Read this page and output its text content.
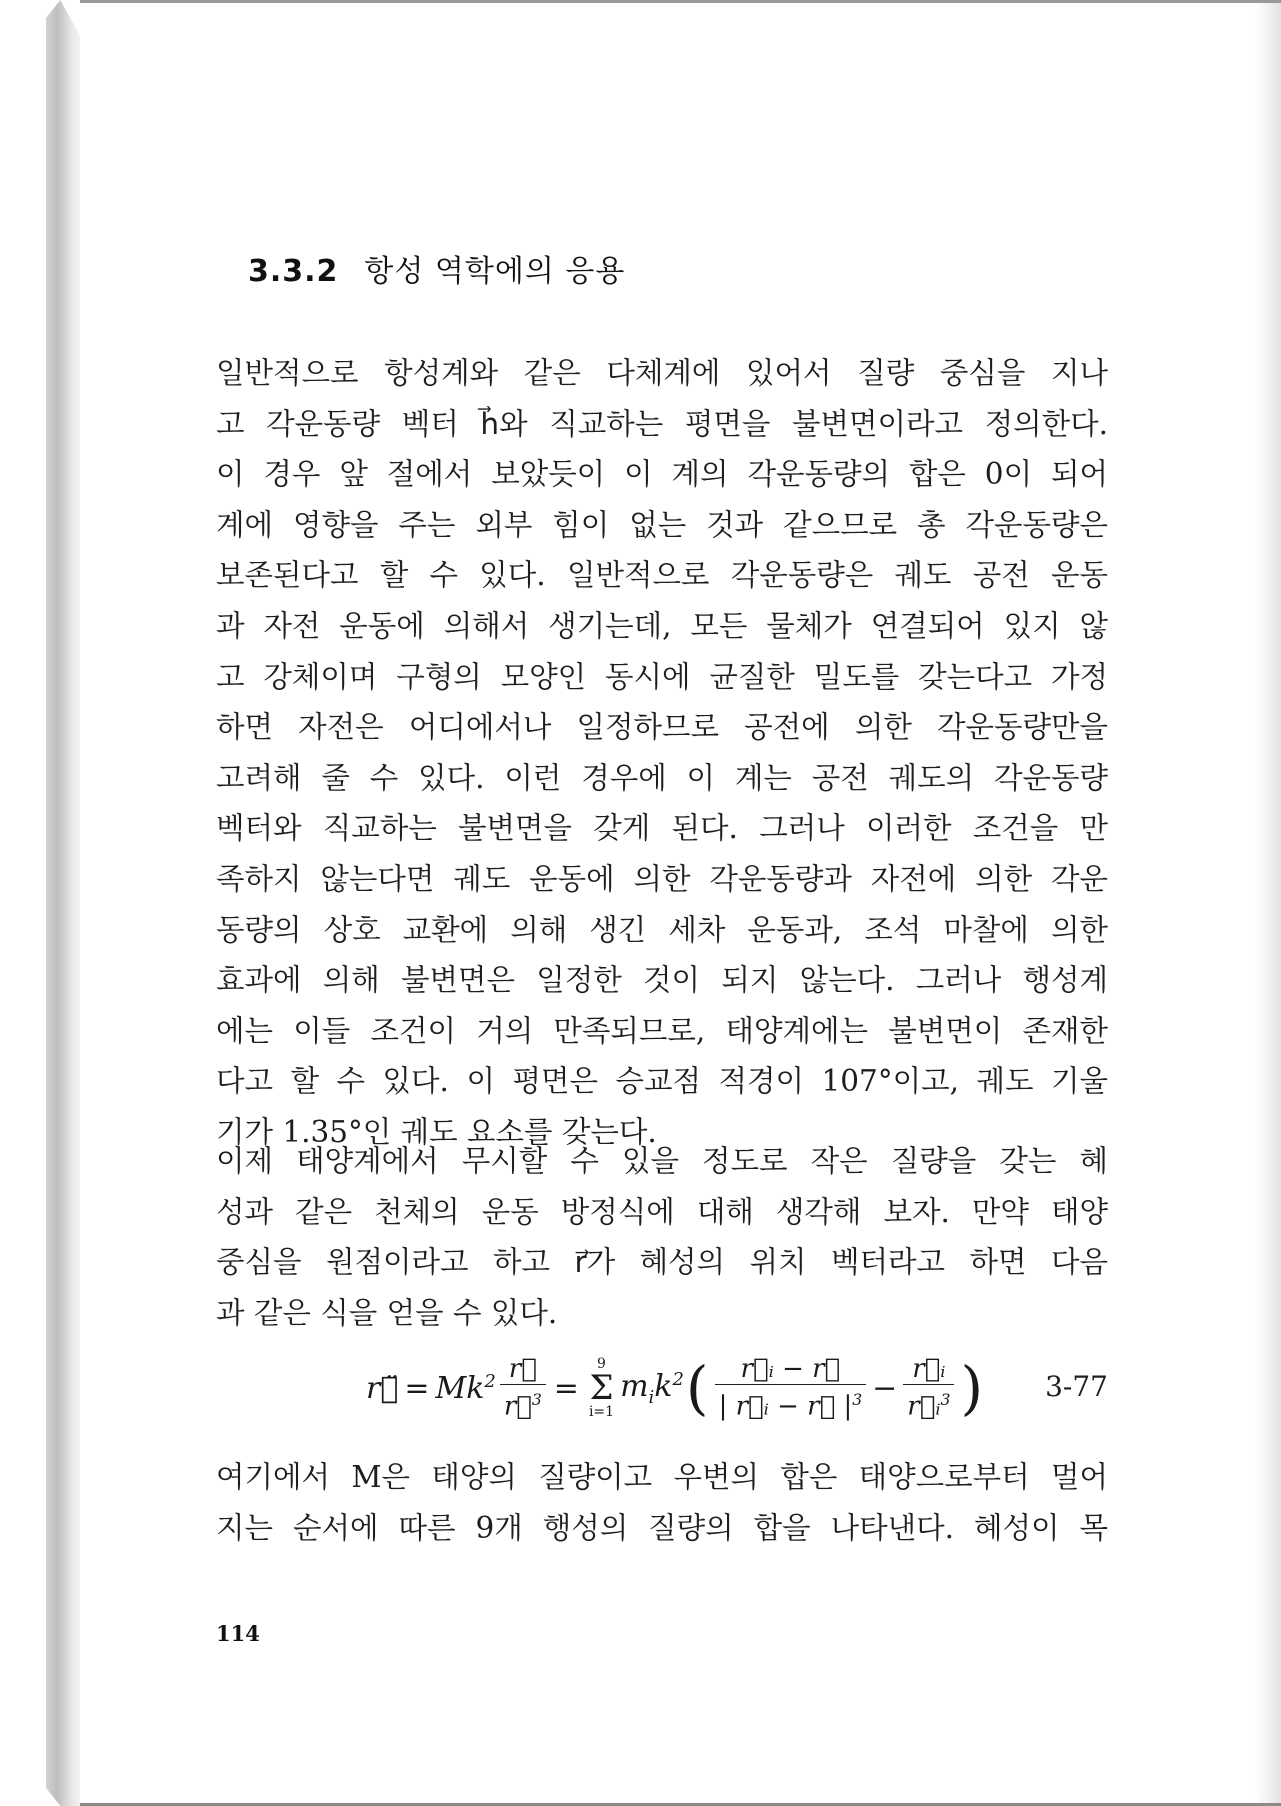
3.3.2 항성 역학에의 응용
일반적으로 항성계와 같은 다체계에 있어서 질량 중심을 지나
고 각운동량 벡터 h⃗와 직교하는 평면을 불변면이라고 정의한다.
이 경우 앞 절에서 보았듯이 이 계의 각운동량의 합은 0이 되어
계에 영향을 주는 외부 힘이 없는 것과 같으므로 총 각운동량은
보존된다고 할 수 있다. 일반적으로 각운동량은 궤도 공전 운동
과 자전 운동에 의해서 생기는데, 모든 물체가 연결되어 있지 않
고 강체이며 구형의 모양인 동시에 균질한 밀도를 갖는다고 가정
하면 자전은 어디에서나 일정하므로 공전에 의한 각운동량만을
고려해 줄 수 있다. 이런 경우에 이 계는 공전 궤도의 각운동량
벡터와 직교하는 불변면을 갖게 된다. 그러나 이러한 조건을 만
족하지 않는다면 궤도 운동에 의한 각운동량과 자전에 의한 각운
동량의 상호 교환에 의해 생긴 세차 운동과, 조석 마찰에 의한
효과에 의해 불변면은 일정한 것이 되지 않는다. 그러나 행성계
에는 이들 조건이 거의 만족되므로, 태양계에는 불변면이 존재한
다고 할 수 있다. 이 평면은 승교점 적경이 107°이고, 궤도 기울
기가 1.35°인 궤도 요소를 갖는다.
이제 태양계에서 무시할 수 있을 정도로 작은 질량을 갖는 혜
성과 같은 천체의 운동 방정식에 대해 생각해 보자. 만약 태양
중심을 원점이라고 하고 r⃗가 혜성의 위치 벡터라고 하면 다음
과 같은 식을 얻을 수 있다.
r⃗̈ = $Mk^2 \frac{r⃗}{r⃗^3}$ =
9
Σ
i=1
$m_ik^2$ ( $\frac{\text{r⃗ᵢ − r⃗}}{| r⃗ᵢ - r⃗ |^3} - \frac{\text{r⃗ᵢ}}{r⃗ᵢ^3}$ ) 3-77
여기에서 M은 태양의 질량이고 우변의 합은 태양으로부터 멀어
지는 순서에 따른 9개 행성의 질량의 합을 나타낸다. 혜성이 목
114
